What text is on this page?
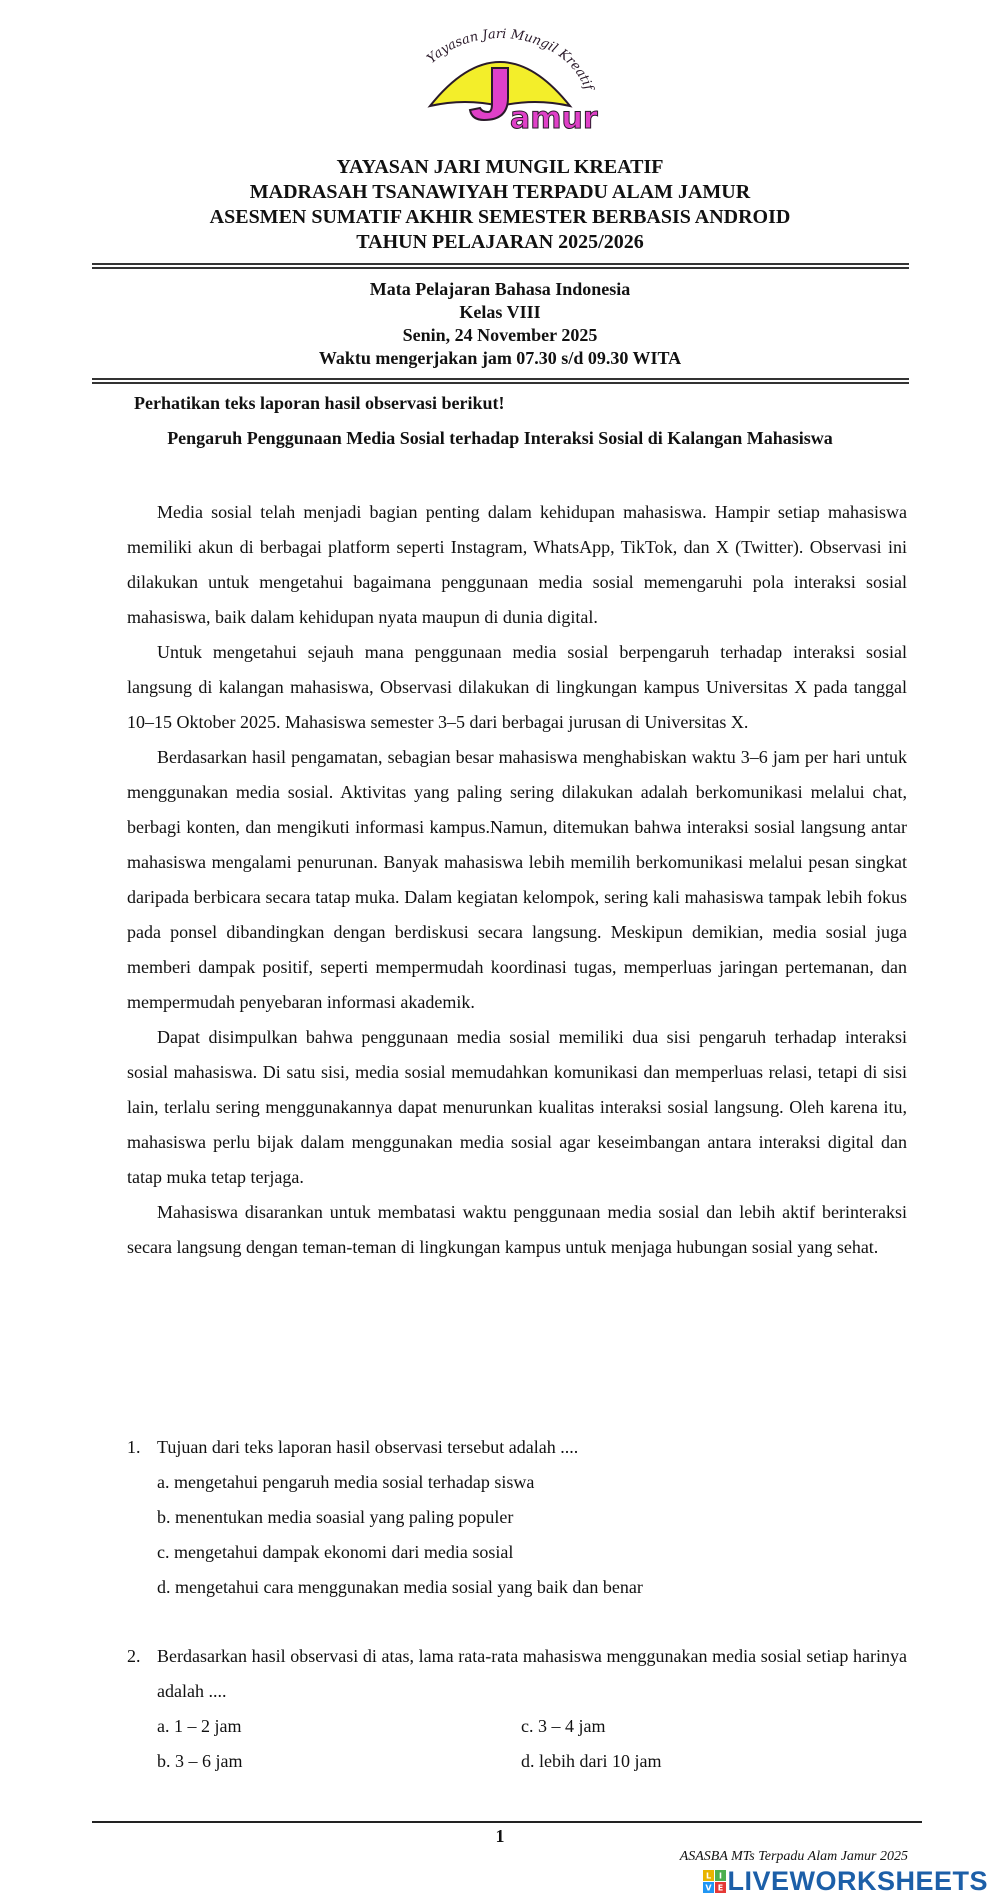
Yayasan Jari Mungil Kreatif
amur
YAYASAN JARI MUNGIL KREATIF
MADRASAH TSANAWIYAH TERPADU ALAM JAMUR
ASESMEN SUMATIF AKHIR SEMESTER BERBASIS ANDROID
TAHUN PELAJARAN 2025/2026
Mata Pelajaran Bahasa Indonesia
Kelas VIII
Senin, 24 November 2025
Waktu mengerjakan jam 07.30 s/d 09.30 WITA
Perhatikan teks laporan hasil observasi berikut!
Pengaruh Penggunaan Media Sosial terhadap Interaksi Sosial di Kalangan Mahasiswa

Media sosial telah menjadi bagian penting dalam kehidupan mahasiswa. Hampir setiap mahasiswa memiliki akun di berbagai platform seperti Instagram, WhatsApp, TikTok, dan X (Twitter). Observasi ini dilakukan untuk mengetahui bagaimana penggunaan media sosial memengaruhi pola interaksi sosial mahasiswa, baik dalam kehidupan nyata maupun di dunia digital.

Untuk mengetahui sejauh mana penggunaan media sosial berpengaruh terhadap interaksi sosial langsung di kalangan mahasiswa, Observasi dilakukan di lingkungan kampus Universitas X pada tanggal 10–15 Oktober 2025. Mahasiswa semester 3–5 dari berbagai jurusan di Universitas X.

Berdasarkan hasil pengamatan, sebagian besar mahasiswa menghabiskan waktu 3–6 jam per hari untuk menggunakan media sosial. Aktivitas yang paling sering dilakukan adalah berkomunikasi melalui chat, berbagi konten, dan mengikuti informasi kampus.Namun, ditemukan bahwa interaksi sosial langsung antar mahasiswa mengalami penurunan. Banyak mahasiswa lebih memilih berkomunikasi melalui pesan singkat daripada berbicara secara tatap muka. Dalam kegiatan kelompok, sering kali mahasiswa tampak lebih fokus pada ponsel dibandingkan dengan berdiskusi secara langsung. Meskipun demikian, media sosial juga memberi dampak positif, seperti mempermudah koordinasi tugas, memperluas jaringan pertemanan, dan mempermudah penyebaran informasi akademik.

Dapat disimpulkan bahwa penggunaan media sosial memiliki dua sisi pengaruh terhadap interaksi sosial mahasiswa. Di satu sisi, media sosial memudahkan komunikasi dan memperluas relasi, tetapi di sisi lain, terlalu sering menggunakannya dapat menurunkan kualitas interaksi sosial langsung. Oleh karena itu, mahasiswa perlu bijak dalam menggunakan media sosial agar keseimbangan antara interaksi digital dan tatap muka tetap terjaga.

Mahasiswa disarankan untuk membatasi waktu penggunaan media sosial dan lebih aktif berinteraksi secara langsung dengan teman-teman di lingkungan kampus untuk menjaga hubungan sosial yang sehat.

1. Tujuan dari teks laporan hasil observasi tersebut adalah ....
a. mengetahui pengaruh media sosial terhadap siswa
b. menentukan media soasial yang paling populer
c. mengetahui dampak ekonomi dari media sosial
d. mengetahui cara menggunakan media sosial yang baik dan benar
2. Berdasarkan hasil observasi di atas, lama rata-rata mahasiswa menggunakan media sosial setiap harinya adalah ....
a. 1 – 2 jam	c. 3 – 4 jam
b. 3 – 6 jam	d. lebih dari 10 jam
1
ASASBA MTs Terpadu Alam Jamur 2025
L I
V E LIVEWORKSHEETS
